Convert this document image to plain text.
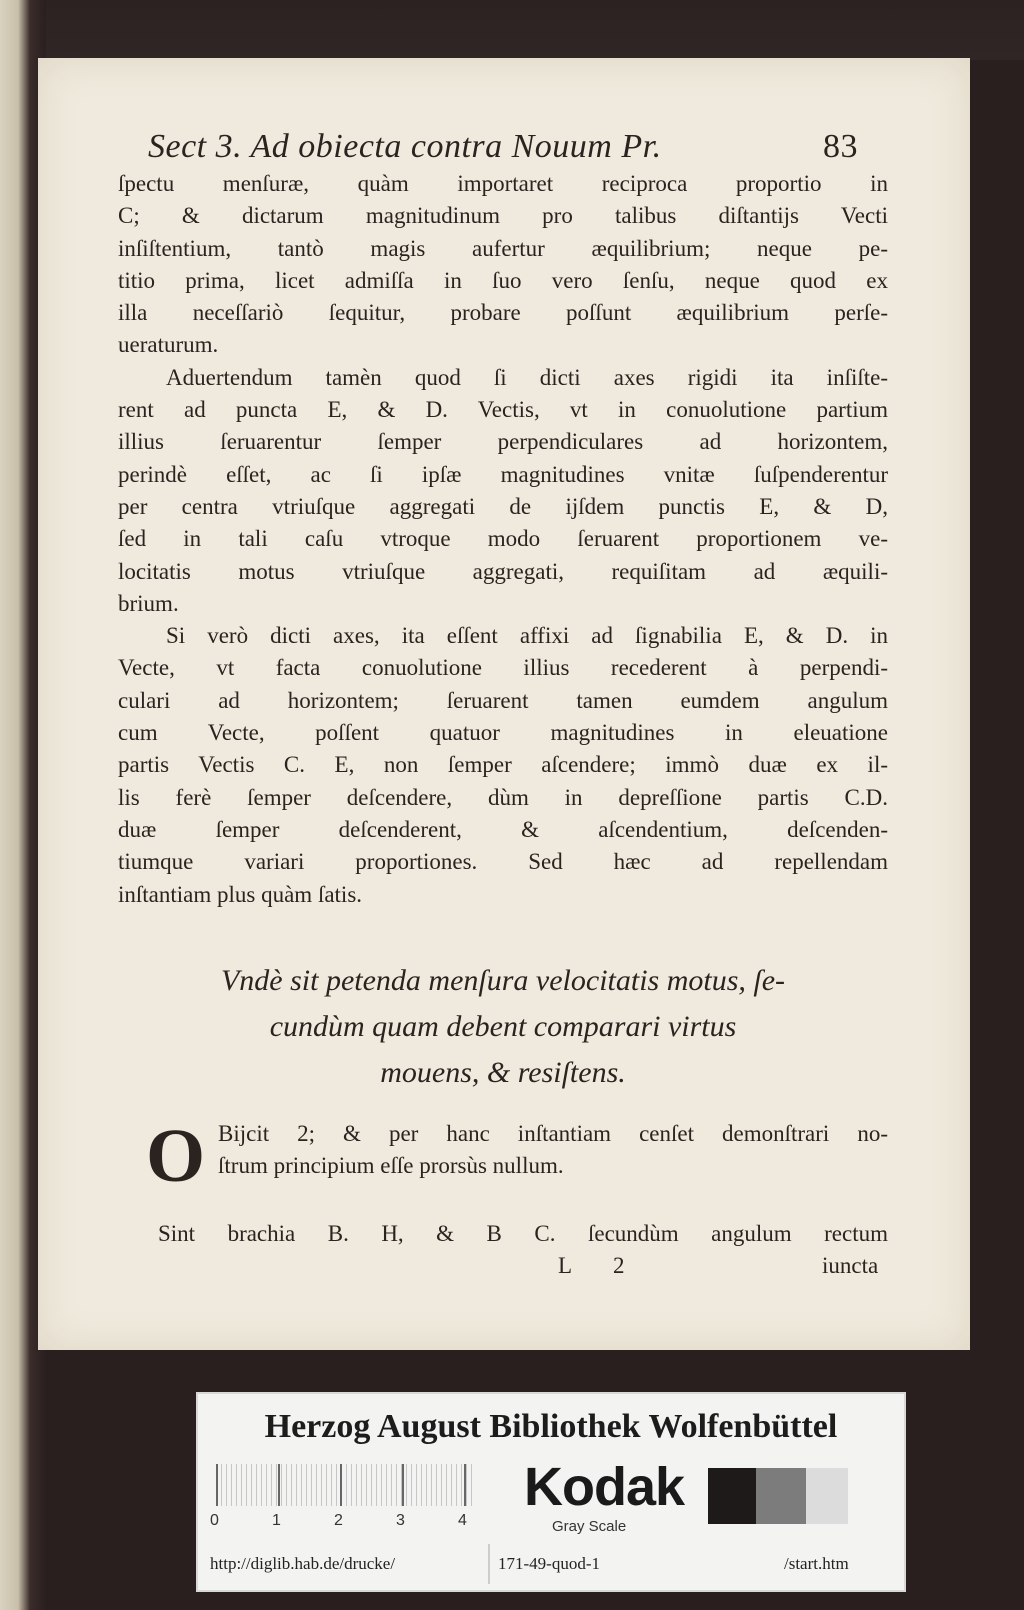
Sect 3. Ad obiecta contra Nouum Pr.	83
ſpectu menſuræ, quàm importaret reciproca proportio in
C; & dictarum magnitudinum pro talibus diſtantijs Vecti
inſiſtentium, tantò magis aufertur æquilibrium; neque pe-
titio prima, licet admiſſa in ſuo vero ſenſu, neque quod ex
illa neceſſariò ſequitur, probare poſſunt æquilibrium perſe-
ueraturum.
Aduertendum tamèn quod ſi dicti axes rigidi ita inſiſte-
rent ad puncta E, & D. Vectis, vt in conuolutione partium
illius ſeruarentur ſemper perpendiculares ad horizontem,
perindè eſſet, ac ſi ipſæ magnitudines vnitæ ſuſpenderentur
per centra vtriuſque aggregati de ijſdem punctis E, & D,
ſed in tali caſu vtroque modo ſeruarent proportionem ve-
locitatis motus vtriuſque aggregati, requiſitam ad æquili-
brium.
Si verò dicti axes, ita eſſent affixi ad ſignabilia E, & D. in
Vecte, vt facta conuolutione illius recederent à perpendi-
culari ad horizontem; ſeruarent tamen eumdem angulum
cum Vecte, poſſent quatuor magnitudines in eleuatione
partis Vectis C. E, non ſemper aſcendere; immò duæ ex il-
lis ferè ſemper deſcendere, dùm in depreſſione partis C.D.
duæ ſemper deſcenderent, & aſcendentium, deſcenden-
tiumque variari proportiones. Sed hæc ad repellendam
inſtantiam plus quàm ſatis.
Vndè sit petenda menſura velocitatis motus, ſe-
cundùm quam debent comparari virtus
mouens, & resiſtens.
O Bijcit 2; & per hanc inſtantiam cenſet demonſtrari no-
ſtrum principium eſſe prorsùs nullum.
Sint brachia B. H, & B C. ſecundùm angulum rectum
L 2	iuncta
Herzog August Bibliothek Wolfenbüttel
0	1	2	3	4
Kodak
Gray Scale
http://diglib.hab.de/drucke/	171-49-quod-1	/start.htm
